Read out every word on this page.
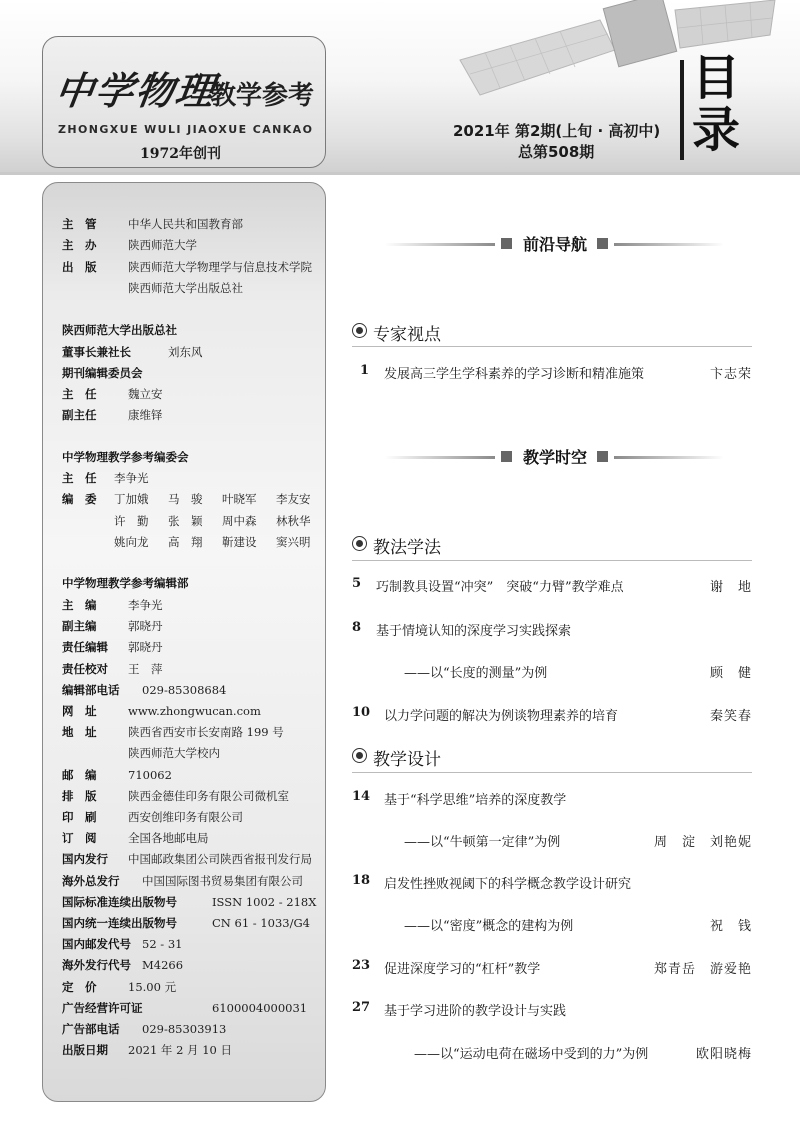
中学物理
教学参考
ZHONGXUE WULI JIAOXUE CANKAO
1972年创刊
2021年 第2期(上旬 · 高初中)
总第508期
目
录
主　管	中华人民共和国教育部
主　办	陕西师范大学
出　版	陕西师范大学物理学与信息技术学院
陕西师范大学出版总社
陕西师范大学出版总社
董事长兼社长	刘东风
期刊编辑委员会
主　任	魏立安
副主任	康维铎
中学物理教学参考编委会
主　任 李争光
编　委	丁加娥 马　骏 叶晓军 李友安
许　勤 张　颖 周中森 林秋华
姚向龙 高　翔 靳建设 窦兴明
中学物理教学参考编辑部
主　编	李争光
副主编	郭晓丹
责任编辑 郭晓丹
责任校对 王　萍
编辑部电话 029-85308684
网　址	www.zhongwucan.com
地　址	陕西省西安市长安南路 199 号
陕西师范大学校内
邮　编	710062
排　版	陕西金德佳印务有限公司微机室
印　刷	西安创维印务有限公司
订　阅	全国各地邮电局
国内发行 中国邮政集团公司陕西省报刊发行局
海外总发行 中国国际图书贸易集团有限公司
国际标准连续出版物号	ISSN 1002 - 218X
国内统一连续出版物号	CN 61 - 1033/G4
国内邮发代号 52 - 31
海外发行代号 M4266
定　价	15.00 元
广告经营许可证	6100004000031
广告部电话 029-85303913
出版日期 2021 年 2 月 10 日
前沿导航
专家视点
1	发展高三学生学科素养的学习诊断和精准施策	卞志荣
教学时空
教法学法
5	巧制教具设置“冲突”　突破“力臂”教学难点	谢　地
8	基于情境认知的深度学习实践探索
——以“长度的测量”为例	顾　健
10	以力学问题的解决为例谈物理素养的培育	秦笑春
教学设计
14	基于“科学思维”培养的深度教学
——以“牛顿第一定律”为例	周　淀　刘艳妮
18	启发性挫败视阈下的科学概念教学设计研究
——以“密度”概念的建构为例	祝　钱
23	促进深度学习的“杠杆”教学	郑青岳　游爱艳
27	基于学习进阶的教学设计与实践
——以“运动电荷在磁场中受到的力”为例	欧阳晓梅
